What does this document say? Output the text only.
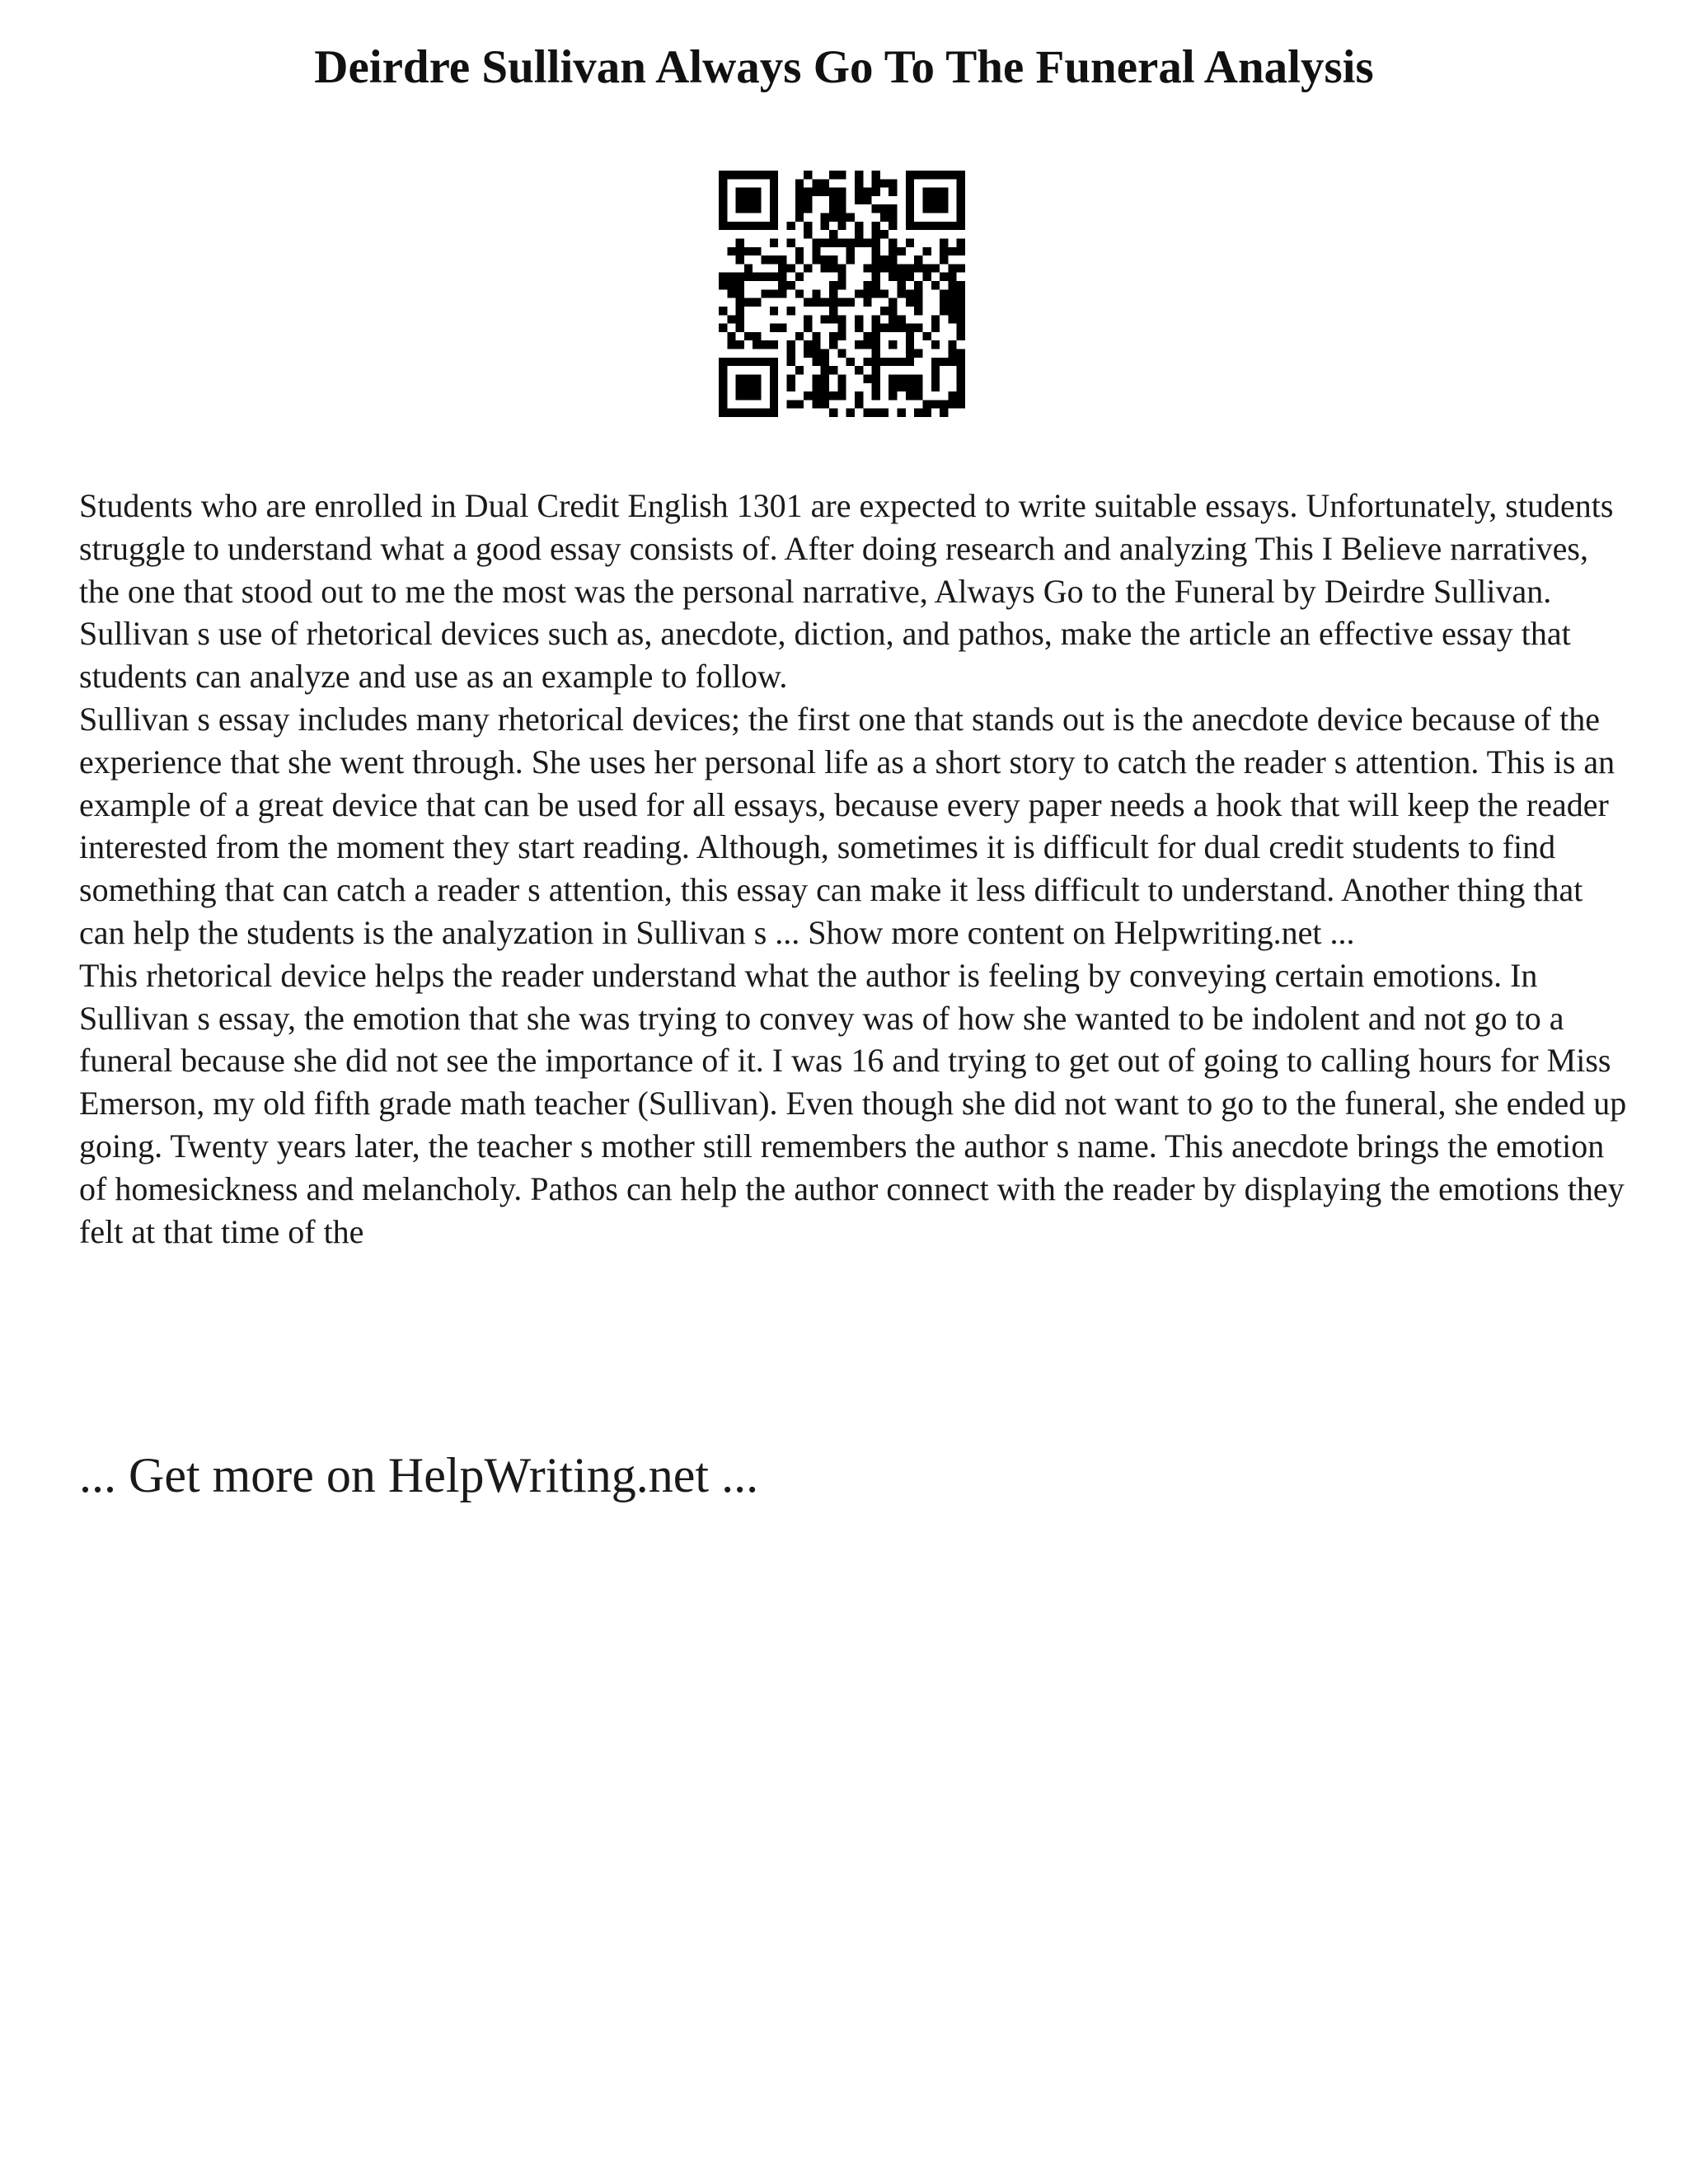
Deirdre Sullivan Always Go To The Funeral Analysis

Students who are enrolled in Dual Credit English 1301 are expected to write suitable essays. Unfortunately, students struggle to understand what a good essay consists of. After doing research and analyzing This I Believe narratives, the one that stood out to me the most was the personal narrative, Always Go to the Funeral by Deirdre Sullivan. Sullivan s use of rhetorical devices such as, anecdote, diction, and pathos, make the article an effective essay that students can analyze and use as an example to follow.

Sullivan s essay includes many rhetorical devices; the first one that stands out is the anecdote device because of the experience that she went through. She uses her personal life as a short story to catch the reader s attention. This is an example of a great device that can be used for all essays, because every paper needs a hook that will keep the reader interested from the moment they start reading. Although, sometimes it is difficult for dual credit students to find something that can catch a reader s attention, this essay can make it less difficult to understand. Another thing that can help the students is the analyzation in Sullivan s ... Show more content on Helpwriting.net ...

This rhetorical device helps the reader understand what the author is feeling by conveying certain emotions. In Sullivan s essay, the emotion that she was trying to convey was of how she wanted to be indolent and not go to a funeral because she did not see the importance of it. I was 16 and trying to get out of going to calling hours for Miss Emerson, my old fifth grade math teacher (Sullivan). Even though she did not want to go to the funeral, she ended up going. Twenty years later, the teacher s mother still remembers the author s name. This anecdote brings the emotion of homesickness and melancholy. Pathos can help the author connect with the reader by displaying the emotions they felt at that time of the

... Get more on HelpWriting.net ...
